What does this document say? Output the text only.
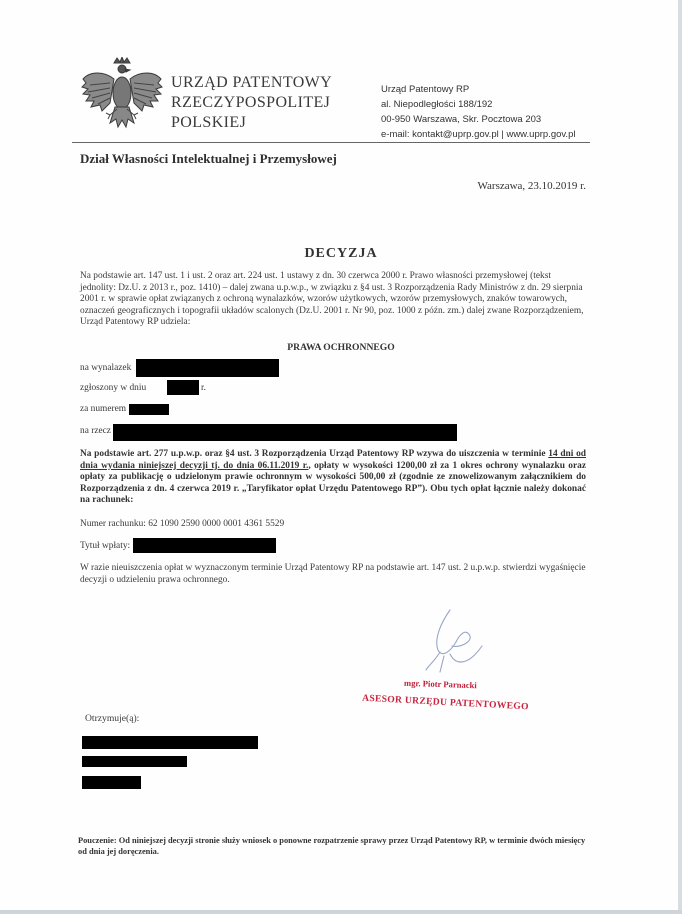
URZĄD PATENTOWY
RZECZYPOSPOLITEJ
POLSKIEJ
Urząd Patentowy RP
al. Niepodległości 188/192
00-950 Warszawa, Skr. Pocztowa 203
e-mail: kontakt@uprp.gov.pl | www.uprp.gov.pl
Dział Własności Intelektualnej i Przemysłowej
Warszawa, 23.10.2019 r.
DECYZJA
Na podstawie art. 147 ust. 1 i ust. 2 oraz art. 224 ust. 1 ustawy z dn. 30 czerwca 2000 r. Prawo własności przemysłowej (tekst jednolity: Dz.U. z 2013 r., poz. 1410) – dalej zwana u.p.w.p., w związku z §4 ust. 3 Rozporządzenia Rady Ministrów z dn. 29 sierpnia 2001 r. w sprawie opłat związanych z ochroną wynalazków, wzorów użytkowych, wzorów przemysłowych, znaków towarowych, oznaczeń geograficznych i topografii układów scalonych (Dz.U. 2001 r. Nr 90, poz. 1000 z późn. zm.) dalej zwane Rozporządzeniem, Urząd Patentowy RP udziela:
PRAWA OCHRONNEGO
na wynalazek
zgłoszony w dniu	r.
za numerem
na rzecz
Na podstawie art. 277 u.p.w.p. oraz §4 ust. 3 Rozporządzenia Urząd Patentowy RP wzywa do uiszczenia w terminie 14 dni od dnia wydania niniejszej decyzji tj. do dnia 06.11.2019 r., opłaty w wysokości 1200,00 zł za 1 okres ochrony wynalazku oraz opłaty za publikację o udzielonym prawie ochronnym w wysokości 500,00 zł (zgodnie ze znowelizowanym załącznikiem do Rozporządzenia z dn. 4 czerwca 2019 r. „Taryfikator opłat Urzędu Patentowego RP”). Obu tych opłat łącznie należy dokonać na rachunek:
Numer rachunku: 62 1090 2590 0000 0001 4361 5529
Tytuł wpłaty:
W razie nieuiszczenia opłat w wyznaczonym terminie Urząd Patentowy RP na podstawie art. 147 ust. 2 u.p.w.p. stwierdzi wygaśnięcie decyzji o udzieleniu prawa ochronnego.
mgr. Piotr Parnacki
ASESOR URZĘDU PATENTOWEGO
Otrzymuje(ą):
Pouczenie: Od niniejszej decyzji stronie służy wniosek o ponowne rozpatrzenie sprawy przez Urząd Patentowy RP, w terminie dwóch miesięcy od dnia jej doręczenia.
